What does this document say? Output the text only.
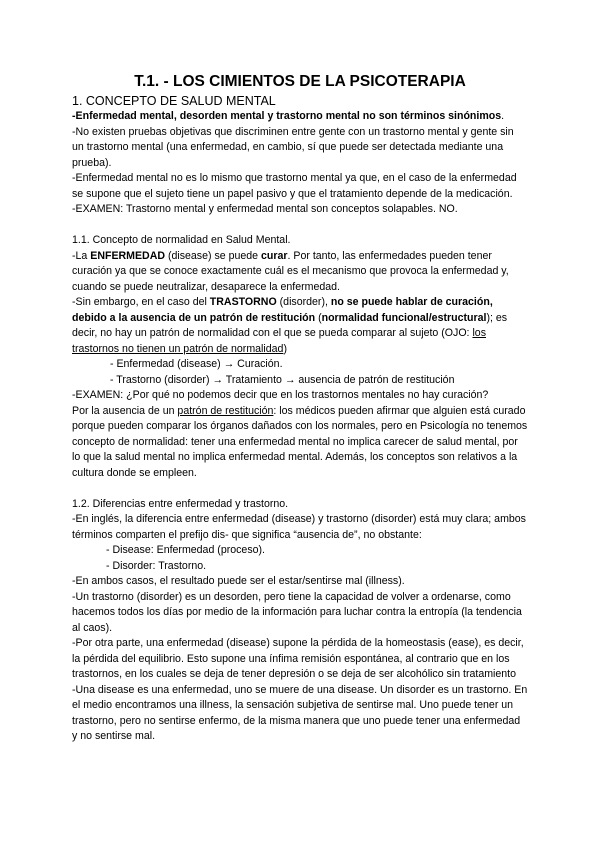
T.1. - LOS CIMIENTOS DE LA PSICOTERAPIA
1. CONCEPTO DE SALUD MENTAL

-Enfermedad mental, desorden mental y trastorno mental no son términos sinónimos.

-No existen pruebas objetivas que discriminen entre gente con un trastorno mental y gente sin un trastorno mental (una enfermedad, en cambio, sí que puede ser detectada mediante una prueba).

-Enfermedad mental no es lo mismo que trastorno mental ya que, en el caso de la enfermedad se supone que el sujeto tiene un papel pasivo y que el tratamiento depende de la medicación.

-EXAMEN: Trastorno mental y enfermedad mental son conceptos solapables. NO.

1.1. Concepto de normalidad en Salud Mental.

-La ENFERMEDAD (disease) se puede curar. Por tanto, las enfermedades pueden tener curación ya que se conoce exactamente cuál es el mecanismo que provoca la enfermedad y, cuando se puede neutralizar, desaparece la enfermedad.

-Sin embargo, en el caso del TRASTORNO (disorder), no se puede hablar de curación, debido a la ausencia de un patrón de restitución (normalidad funcional/estructural); es decir, no hay un patrón de normalidad con el que se pueda comparar al sujeto (OJO: los trastornos no tienen un patrón de normalidad)

- Enfermedad (disease) → Curación.

- Trastorno (disorder) → Tratamiento → ausencia de patrón de restitución

-EXAMEN: ¿Por qué no podemos decir que en los trastornos mentales no hay curación?

Por la ausencia de un patrón de restitución: los médicos pueden afirmar que alguien está curado porque pueden comparar los órganos dañados con los normales, pero en Psicología no tenemos concepto de normalidad: tener una enfermedad mental no implica carecer de salud mental, por lo que la salud mental no implica enfermedad mental. Además, los conceptos son relativos a la cultura donde se empleen.

1.2. Diferencias entre enfermedad y trastorno.

-En inglés, la diferencia entre enfermedad (disease) y trastorno (disorder) está muy clara; ambos términos comparten el prefijo dis- que significa “ausencia de”, no obstante:

- Disease: Enfermedad (proceso).

- Disorder: Trastorno.

-En ambos casos, el resultado puede ser el estar/sentirse mal (illness).

-Un trastorno (disorder) es un desorden, pero tiene la capacidad de volver a ordenarse, como hacemos todos los días por medio de la información para luchar contra la entropía (la tendencia al caos).

-Por otra parte, una enfermedad (disease) supone la pérdida de la homeostasis (ease), es decir, la pérdida del equilibrio. Esto supone una ínfima remisión espontánea, al contrario que en los trastornos, en los cuales se deja de tener depresión o se deja de ser alcohólico sin tratamiento

-Una disease es una enfermedad, uno se muere de una disease. Un disorder es un trastorno. En el medio encontramos una illness, la sensación subjetiva de sentirse mal. Uno puede tener un trastorno, pero no sentirse enfermo, de la misma manera que uno puede tener una enfermedad y no sentirse mal.
